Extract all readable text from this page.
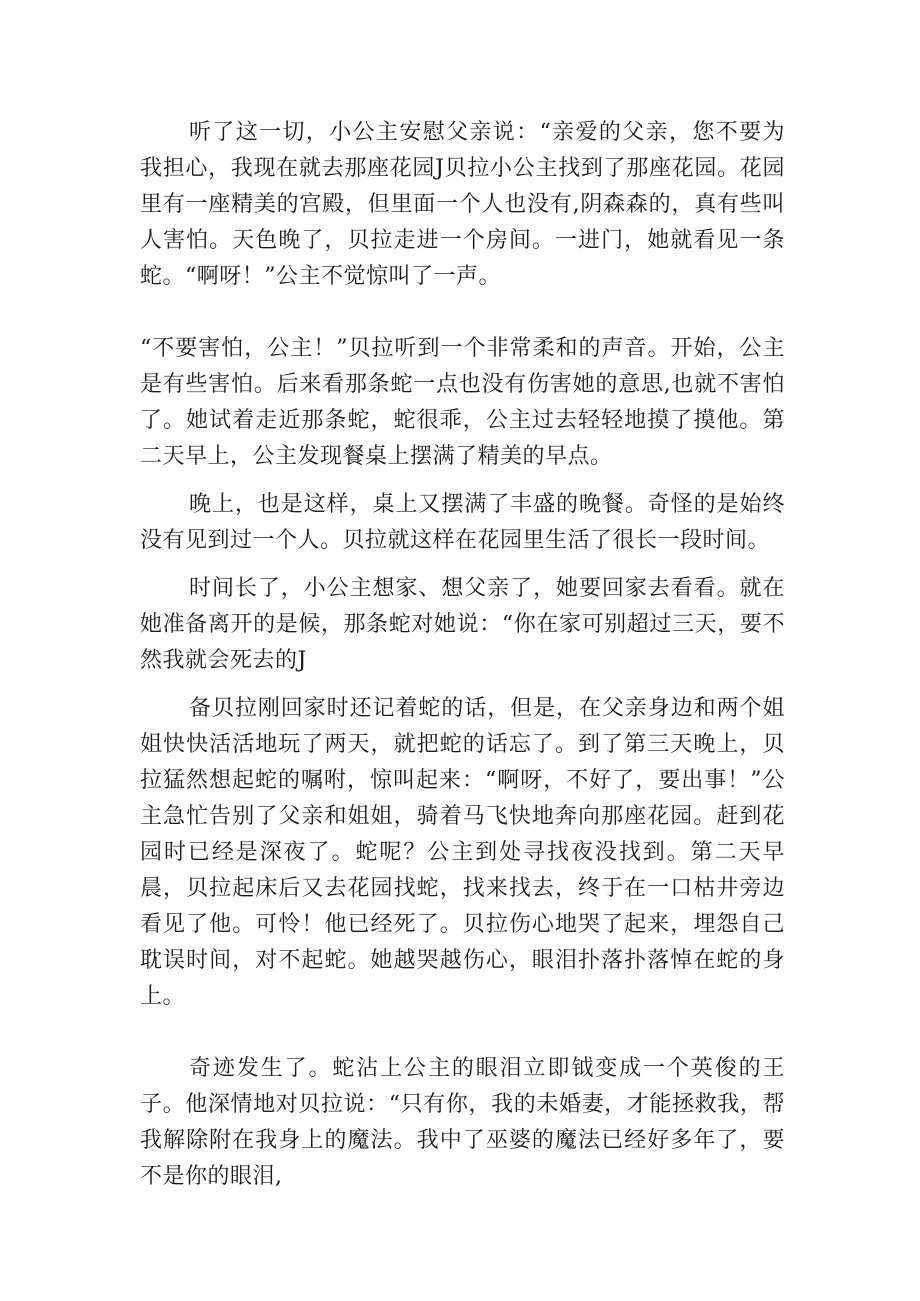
听了这一切，小公主安慰父亲说：“亲爱的父亲，您不要为我担心，我现在就去那座花园J贝拉小公主找到了那座花园。花园里有一座精美的宫殿，但里面一个人也没有,阴森森的，真有些叫人害怕。天色晚了，贝拉走进一个房间。一进门，她就看见一条蛇。“啊呀！”公主不觉惊叫了一声。

“不要害怕，公主！”贝拉听到一个非常柔和的声音。开始，公主是有些害怕。后来看那条蛇一点也没有伤害她的意思,也就不害怕了。她试着走近那条蛇，蛇很乖，公主过去轻轻地摸了摸他。第二天早上，公主发现餐桌上摆满了精美的早点。

晚上，也是这样，桌上又摆满了丰盛的晚餐。奇怪的是始终没有见到过一个人。贝拉就这样在花园里生活了很长一段时间。

时间长了，小公主想家、想父亲了，她要回家去看看。就在她准备离开的是候，那条蛇对她说：“你在家可别超过三天，要不然我就会死去的J

备贝拉刚回家时还记着蛇的话，但是，在父亲身边和两个姐姐快快活活地玩了两天，就把蛇的话忘了。到了第三天晚上，贝拉猛然想起蛇的嘱咐，惊叫起来：“啊呀，不好了，要出事！”公主急忙告别了父亲和姐姐，骑着马飞快地奔向那座花园。赶到花园时已经是深夜了。蛇呢？公主到处寻找夜没找到。第二天早晨，贝拉起床后又去花园找蛇，找来找去，终于在一口枯井旁边看见了他。可怜！他已经死了。贝拉伤心地哭了起来，埋怨自己耽误时间，对不起蛇。她越哭越伤心，眼泪扑落扑落悼在蛇的身上。

奇迹发生了。蛇沾上公主的眼泪立即钺变成一个英俊的王子。他深情地对贝拉说：“只有你，我的未婚妻，才能拯救我，帮我解除附在我身上的魔法。我中了巫婆的魔法已经好多年了，要不是你的眼泪,
